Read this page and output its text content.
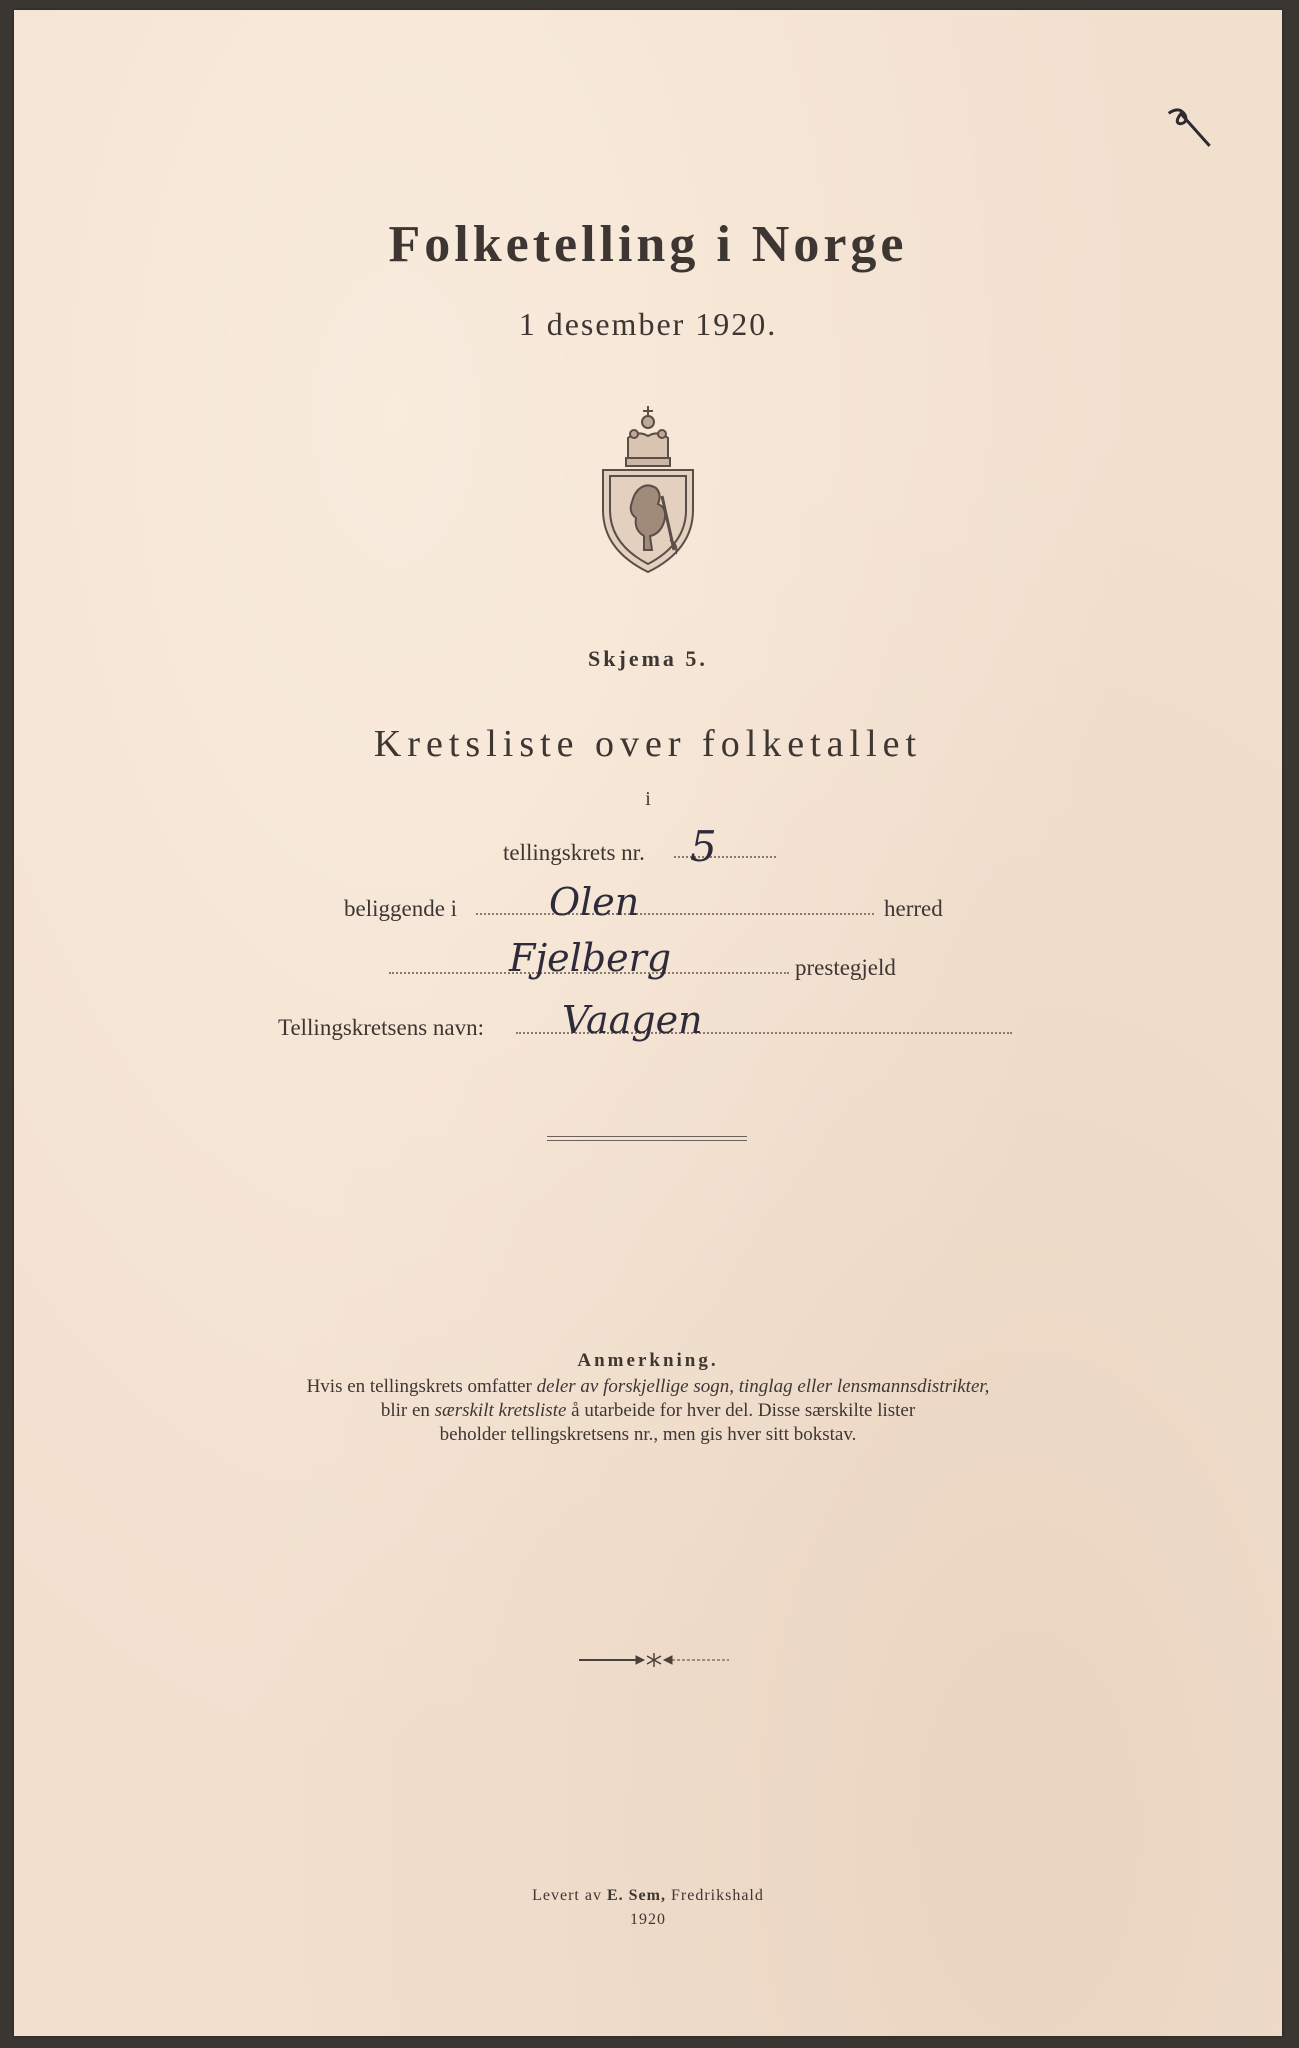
Folketelling i Norge
1 desember 1920.
Skjema 5.
Kretsliste over folketallet
i
tellingskrets nr. 5
beliggende i Olen	herred
Fjelberg	prestegjeld
Tellingskretsens navn: Vaagen
Anmerkning.
Hvis en tellingskrets omfatter deler av forskjellige sogn, tinglag eller lensmannsdistrikter,
blir en særskilt kretsliste å utarbeide for hver del. Disse særskilte lister
beholder tellingskretsens nr., men gis hver sitt bokstav.
Levert av E. Sem, Fredrikshald
1920
